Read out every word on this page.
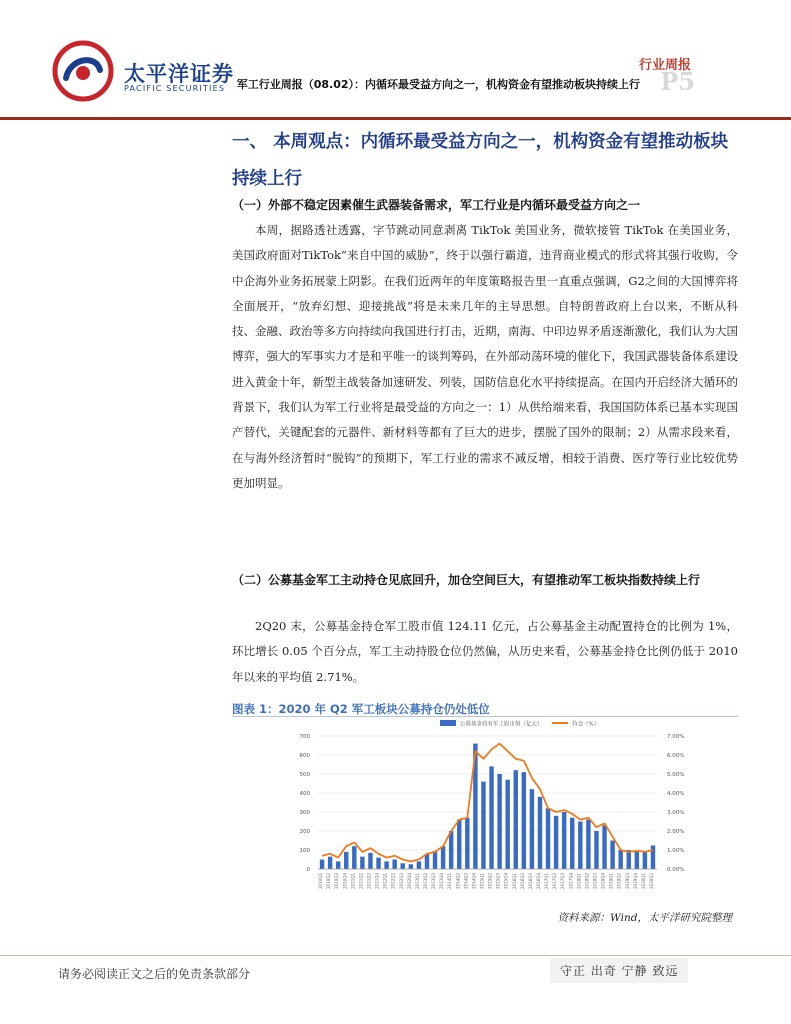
太平洋证券
PACIFIC SECURITIES
行业周报
P5
军工行业周报（08.02）：内循环最受益方向之一，机构资金有望推动板块持续上行
一、 本周观点：内循环最受益方向之一，机构资金有望推动板块持续上行
（一）外部不稳定因素催生武器装备需求，军工行业是内循环最受益方向之一
本周，据路透社透露，字节跳动同意剥离 TikTok 美国业务，微软接管 TikTok 在美国业务，美国政府面对TikTok“来自中国的威胁”，终于以强行霸道，违背商业模式的形式将其强行收购，令中企海外业务拓展蒙上阴影。在我们近两年的年度策略报告里一直重点强调，G2之间的大国博弈将全面展开，“放弃幻想、迎接挑战”将是未来几年的主导思想。自特朗普政府上台以来，不断从科技、金融、政治等多方向持续向我国进行打击，近期，南海、中印边界矛盾逐渐激化，我们认为大国博弈，强大的军事实力才是和平唯一的谈判筹码，在外部动荡环境的催化下，我国武器装备体系建设进入黄金十年，新型主战装备加速研发、列装，国防信息化水平持续提高。在国内开启经济大循环的背景下，我们认为军工行业将是最受益的方向之一：1）从供给端来看，我国国防体系已基本实现国产替代，关键配套的元器件、新材料等都有了巨大的进步，摆脱了国外的限制；2）从需求段来看，在与海外经济暂时“脱钩”的预期下，军工行业的需求不减反增，相较于消费、医疗等行业比较优势更加明显。
（二）公募基金军工主动持仓见底回升，加仓空间巨大，有望推动军工板块指数持续上行
2Q20 末，公募基金持仓军工股市值 124.11 亿元，占公募基金主动配置持仓的比例为 1%，环比增长 0.05 个百分点，军工主动持股仓位仍然偏，从历史来看，公募基金持仓比例仍低于 2010 年以来的平均值 2.71%。
图表 1：2020 年 Q2 军工板块公募持仓仍处低位
0	0.00%
100	1.00%
200	2.00%
300	3.00%
400	4.00%
500	5.00%
600	6.00%
700	7.00%
公募基金持有军工股市值（亿元）	持仓（%）
2010Q1 2010Q2 2010Q3 2010Q4 2011Q1 2011Q2 2011Q3 2011Q4 2012Q1 2012Q2 2012Q3 2012Q4 2013Q1 2013Q2 2013Q3 2013Q4 2014Q1 2014Q2 2014Q3 2014Q4 2015Q1 2015Q2 2015Q3 2015Q4 2016Q1 2016Q2 2016Q3 2016Q4 2017Q1 2017Q2 2017Q3 2017Q4 2018Q1 2018Q2 2018Q3 2018Q4 2019Q1 2019Q2 2019Q3 2019Q4 2020Q1 2020Q2
资料来源：Wind，太平洋研究院整理
请务必阅读正文之后的免责条款部分	守正 出奇 宁静 致远
